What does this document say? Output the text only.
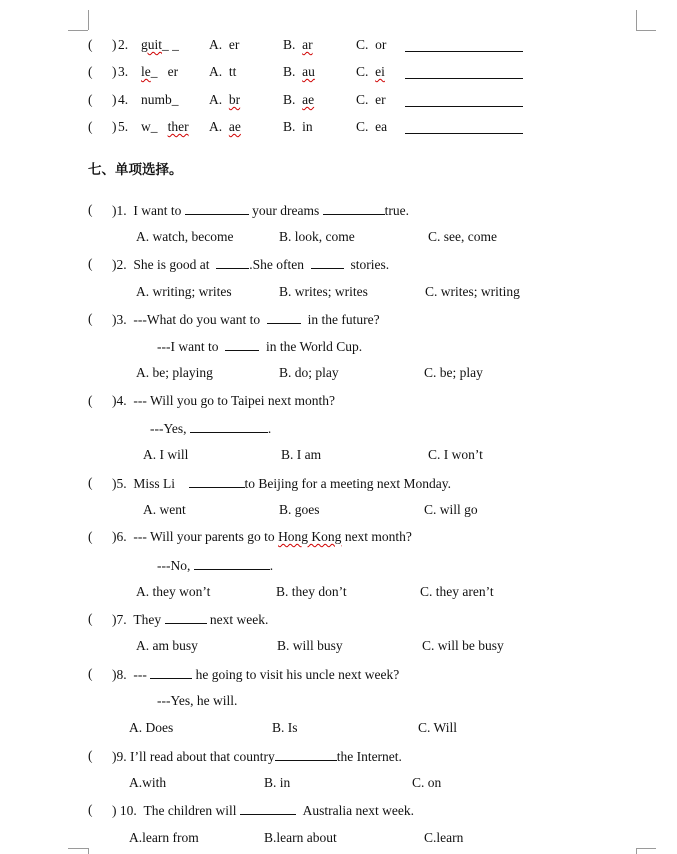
( ) 2. guit_ _ A. er	B. ar	C. or
( ) 3. le_ er A. tt	B. au	C. ei
( ) 4. numb_ A. br	B. ae	C. er
( ) 5. w_ ther A. ae	B. in	C. ea
七、单项选择。
( )1. I want to	your dreams	true.
A. watch, become	B. look, come	C. see, come
( )2. She is good at	.She often	stories.
A. writing; writes	B. writes; writes	C. writes; writing
( )3. ---What do you want to	in the future?
---I want to	in the World Cup.
A. be; playing	B. do; play	C. be; play
( )4. --- Will you go to Taipei next month?
---Yes,	.
A. I will	B. I am	C. I won’t
( )5. Miss Li	to Beijing for a meeting next Monday.
A. went	B. goes	C. will go
( )6. --- Will your parents go to Hong Kong next month?
---No,	.
A. they won’t	B. they don’t	C. they aren’t
( )7. They	next week.
A. am busy	B. will busy	C. will be busy
( )8. ---	he going to visit his uncle next week?
---Yes, he will.
A. Does	B. Is	C. Will
( )9. I’ll read about that country	the Internet.
A.with	B. in	C. on
( ) 10. The children will	Australia next week.
A.learn from	B.learn about	C.learn
